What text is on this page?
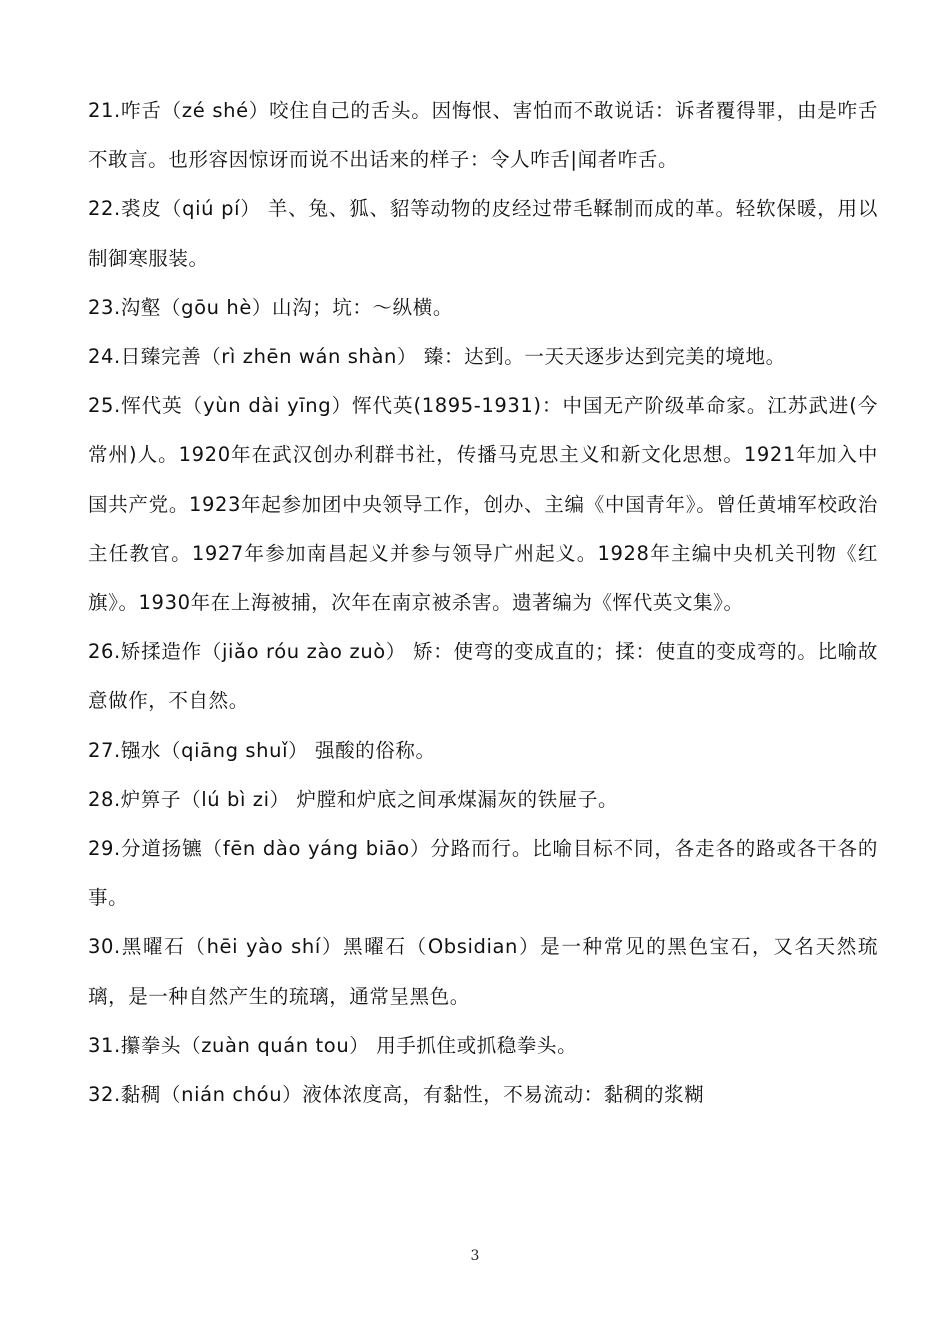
21.咋舌（zé shé）咬住自己的舌头。因悔恨、害怕而不敢说话：诉者覆得罪，由是咋舌不敢言。也形容因惊讶而说不出话来的样子：令人咋舌|闻者咋舌。

22.裘皮（qiú pí） 羊、兔、狐、貂等动物的皮经过带毛鞣制而成的革。轻软保暖，用以制御寒服装。

23.沟壑（gōu hè）山沟；坑：～纵横。

24.日臻完善（rì zhēn wán shàn） 臻：达到。一天天逐步达到完美的境地。

25.恽代英（yùn dài yīng）恽代英(1895-1931)：中国无产阶级革命家。江苏武进(今常州)人。1920年在武汉创办利群书社，传播马克思主义和新文化思想。1921年加入中国共产党。1923年起参加团中央领导工作，创办、主编《中国青年》。曾任黄埔军校政治主任教官。1927年参加南昌起义并参与领导广州起义。1928年主编中央机关刊物《红旗》。1930年在上海被捕，次年在南京被杀害。遗著编为《恽代英文集》。

26.矫揉造作（jiǎo róu zào zuò） 矫：使弯的变成直的；揉：使直的变成弯的。比喻故意做作，不自然。

27.镪水（qiāng shuǐ） 强酸的俗称。

28.炉箅子（lú bì zi） 炉膛和炉底之间承煤漏灰的铁屉子。

29.分道扬镳（fēn dào yáng biāo）分路而行。比喻目标不同，各走各的路或各干各的事。

30.黑曜石（hēi yào shí）黑曜石（Obsidian）是一种常见的黑色宝石，又名天然琉璃，是一种自然产生的琉璃，通常呈黑色。

31.攥拳头（zuàn quán tou） 用手抓住或抓稳拳头。

32.黏稠（nián chóu）液体浓度高，有黏性，不易流动：黏稠的浆糊

3
